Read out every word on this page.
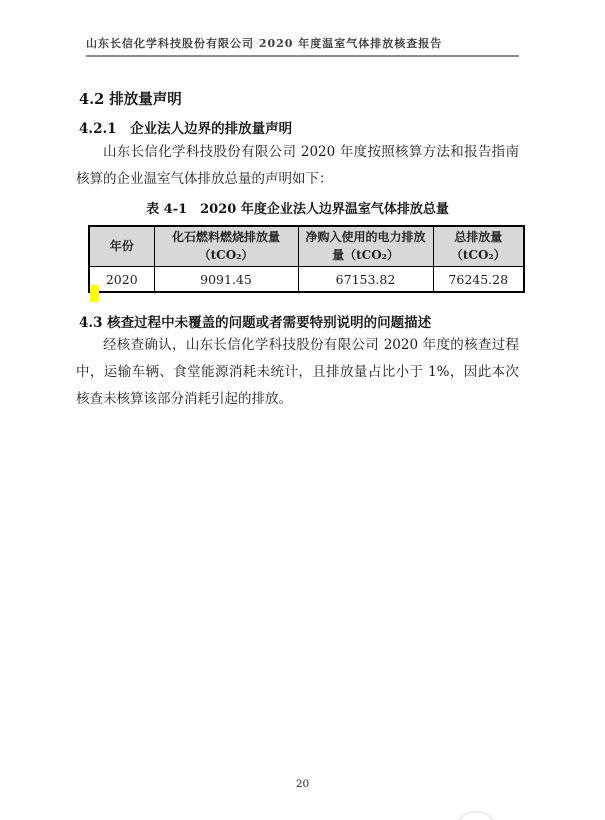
山东长信化学科技股份有限公司 2020 年度温室气体排放核查报告
4.2 排放量声明
4.2.1　企业法人边界的排放量声明
山东长信化学科技股份有限公司 2020 年度按照核算方法和报告指南核算的企业温室气体排放总量的声明如下：
表 4-1　2020 年度企业法人边界温室气体排放总量
年份	化石燃料燃烧排放量（tCO₂）	净购入使用的电力排放量（tCO₂）	总排放量（tCO₂）
2020	9091.45	67153.82	76245.28
4.3 核查过程中未覆盖的问题或者需要特别说明的问题描述
经核查确认，山东长信化学科技股份有限公司 2020 年度的核查过程中，运输车辆、食堂能源消耗未统计，且排放量占比小于 1%，因此本次核查未核算该部分消耗引起的排放。
20
